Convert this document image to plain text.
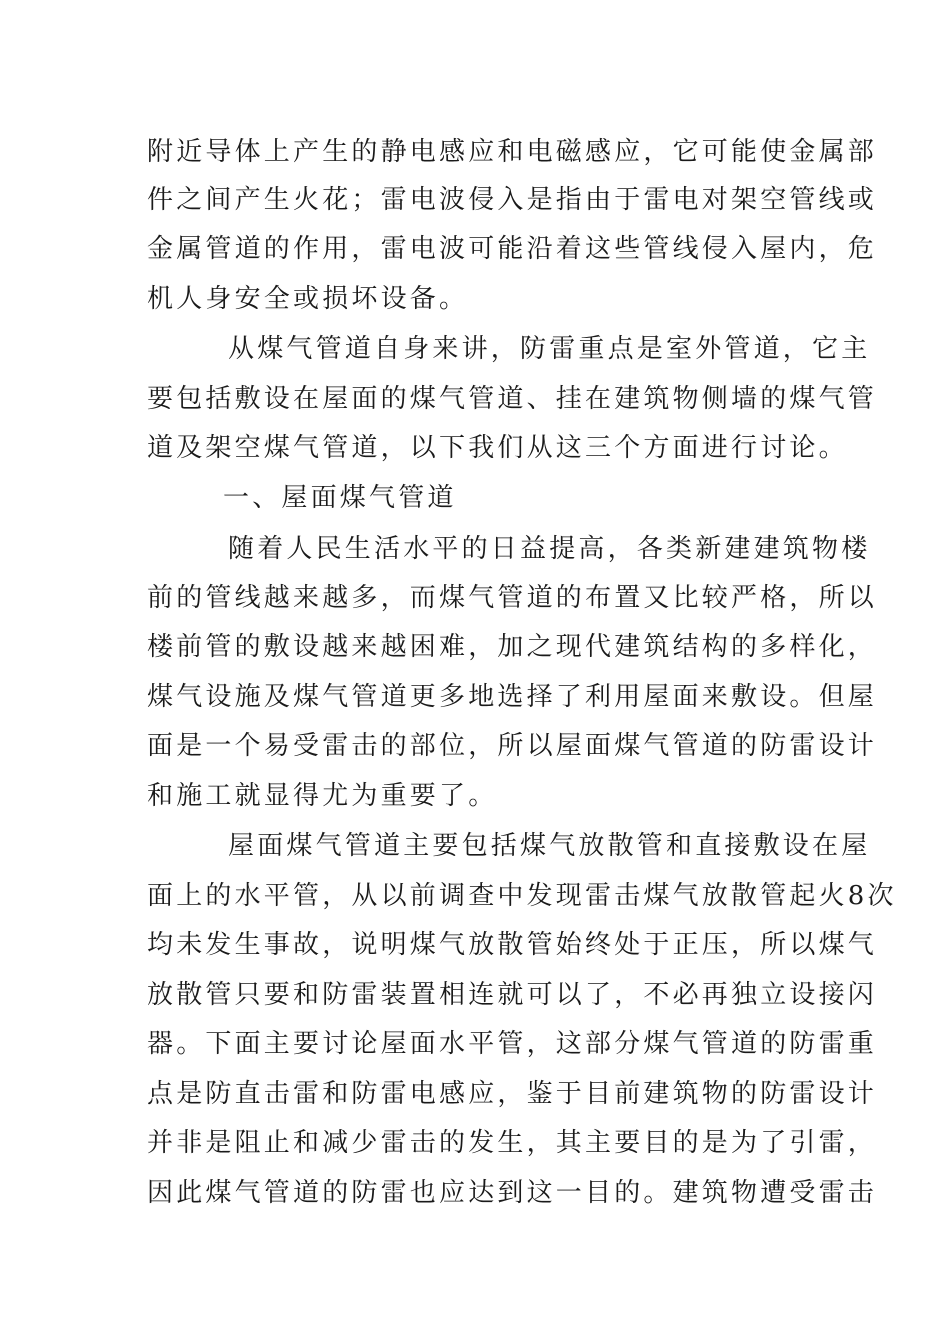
附近导体上产生的静电感应和电磁感应，它可能使金属部
件之间产生火花；雷电波侵入是指由于雷电对架空管线或
金属管道的作用，雷电波可能沿着这些管线侵入屋内，危
机人身安全或损坏设备。
从煤气管道自身来讲，防雷重点是室外管道，它主
要包括敷设在屋面的煤气管道、挂在建筑物侧墙的煤气管
道及架空煤气管道，以下我们从这三个方面进行讨论。
一、屋面煤气管道
随着人民生活水平的日益提高，各类新建建筑物楼
前的管线越来越多，而煤气管道的布置又比较严格，所以
楼前管的敷设越来越困难，加之现代建筑结构的多样化，
煤气设施及煤气管道更多地选择了利用屋面来敷设。但屋
面是一个易受雷击的部位，所以屋面煤气管道的防雷设计
和施工就显得尤为重要了。
屋面煤气管道主要包括煤气放散管和直接敷设在屋
面上的水平管，从以前调查中发现雷击煤气放散管起火8次
均未发生事故，说明煤气放散管始终处于正压，所以煤气
放散管只要和防雷装置相连就可以了，不必再独立设接闪
器。下面主要讨论屋面水平管，这部分煤气管道的防雷重
点是防直击雷和防雷电感应，鉴于目前建筑物的防雷设计
并非是阻止和减少雷击的发生，其主要目的是为了引雷，
因此煤气管道的防雷也应达到这一目的。建筑物遭受雷击
